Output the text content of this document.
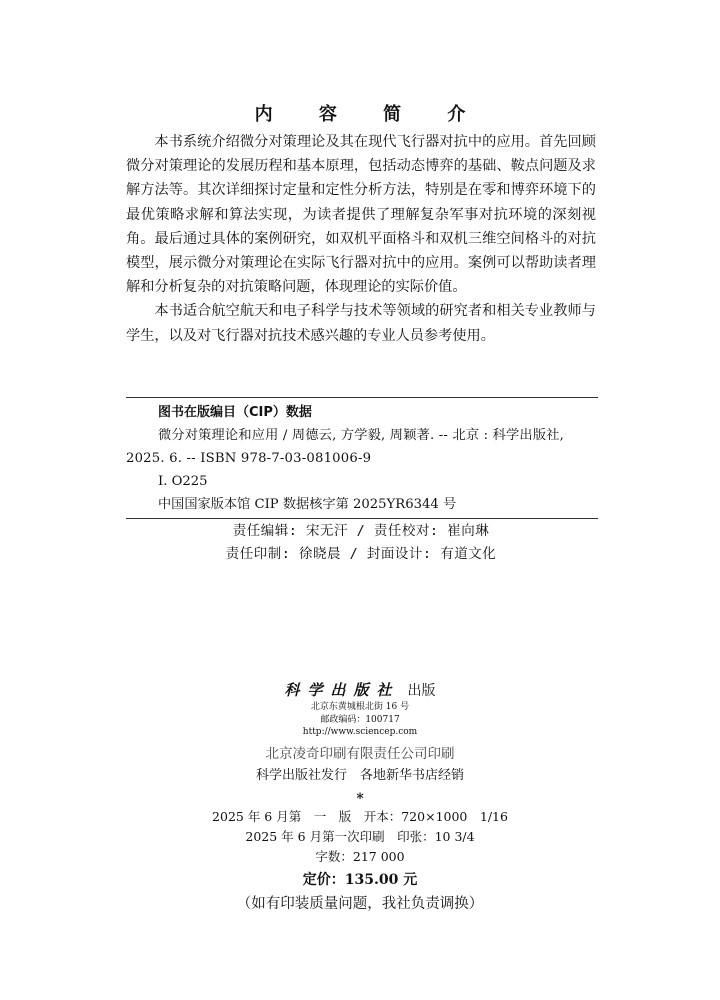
内 容 简 介

本书系统介绍微分对策理论及其在现代飞行器对抗中的应用。首先回顾微分对策理论的发展历程和基本原理，包括动态博弈的基础、鞍点问题及求解方法等。其次详细探讨定量和定性分析方法，特别是在零和博弈环境下的最优策略求解和算法实现，为读者提供了理解复杂军事对抗环境的深刻视角。最后通过具体的案例研究，如双机平面格斗和双机三维空间格斗的对抗模型，展示微分对策理论在实际飞行器对抗中的应用。案例可以帮助读者理解和分析复杂的对抗策略问题，体现理论的实际价值。

本书适合航空航天和电子科学与技术等领域的研究者和相关专业教师与学生，以及对飞行器对抗技术感兴趣的专业人员参考使用。

图书在版编目（CIP）数据
微分对策理论和应用 / 周德云, 方学毅, 周颖著. -- 北京 : 科学出版社, 2025. 6. -- ISBN 978-7-03-081006-9
Ⅰ. O225
中国国家版本馆 CIP 数据核字第 2025YR6344 号
责任编辑: 宋无汗 / 责任校对: 崔向琳
责任印制: 徐晓晨 / 封面设计: 有道文化
科学出版社 出版
北京东黄城根北街 16 号
邮政编码：100717
http://www.sciencep.com
北京凌奇印刷有限责任公司印刷
科学出版社发行　各地新华书店经销
*
2025 年 6 月第　一　版　开本：720×1000　1/16
2025 年 6 月第一次印刷　印张：10 3/4
字数：217 000
定价：135.00 元
（如有印装质量问题，我社负责调换）
